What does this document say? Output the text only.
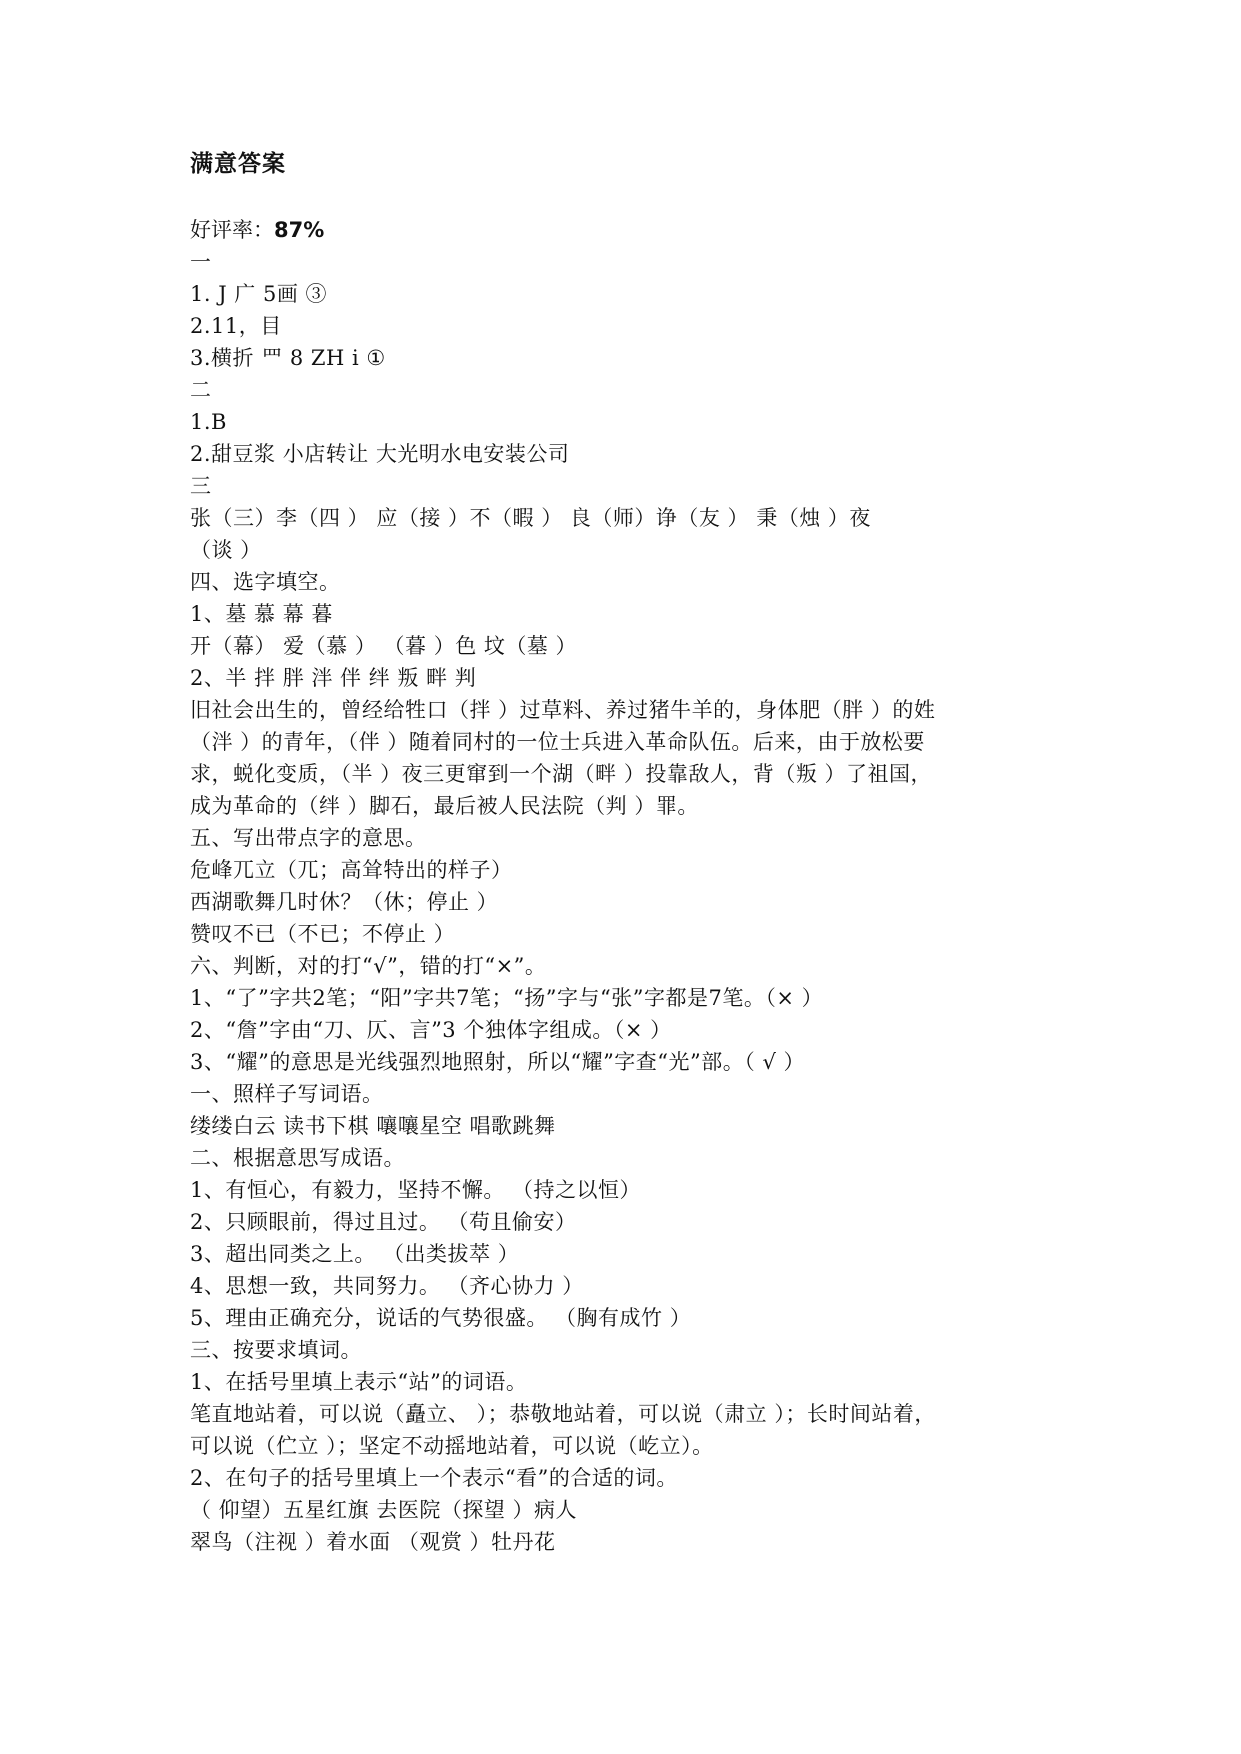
满意答案
好评率：87%
一
1. J 广 5画 ③
2.11，目
3.横折 罒 8 ZH i ①
二
1.B
2.甜豆浆 小店转让 大光明水电安装公司
三
张（三）李（四 ） 应（接 ）不（暇 ） 良（师）诤（友 ） 秉（烛 ）夜
（谈 ）
四、选字填空。
1、墓 慕 幕 暮
开（幕） 爱（慕 ） （暮 ）色 坟（墓 ）
2、半 拌 胖 泮 伴 绊 叛 畔 判
旧社会出生的，曾经给牲口（拌 ）过草料、养过猪牛羊的，身体肥（胖 ）的姓
（泮 ）的青年，（伴 ）随着同村的一位士兵进入革命队伍。后来，由于放松要
求，蜕化变质，（半 ）夜三更窜到一个湖（畔 ）投靠敌人，背（叛 ）了祖国，
成为革命的（绊 ）脚石，最后被人民法院（判 ）罪。
五、写出带点字的意思。
危峰兀立（兀；高耸特出的样子）
西湖歌舞几时休？（休；停止 ）
赞叹不已（不已；不停止 ）
六、判断，对的打“√”，错的打“×”。
1、“了”字共2笔；“阳”字共7笔；“扬”字与“张”字都是7笔。（× ）
2、“詹”字由“刀、仄、言”3 个独体字组成。（× ）
3、“耀”的意思是光线强烈地照射，所以“耀”字查“光”部。（ √ ）
一、照样子写词语。
缕缕白云 读书下棋 嚷嚷星空 唱歌跳舞
二、根据意思写成语。
1、有恒心，有毅力，坚持不懈。 （持之以恒）
2、只顾眼前，得过且过。 （苟且偷安）
3、超出同类之上。 （出类拔萃 ）
4、思想一致，共同努力。 （齐心协力 ）
5、理由正确充分，说话的气势很盛。 （胸有成竹 ）
三、按要求填词。
1、在括号里填上表示“站”的词语。
笔直地站着，可以说（矗立、 ）；恭敬地站着，可以说（肃立 ）；长时间站着，
可以说（伫立 ）；坚定不动摇地站着，可以说（屹立）。
2、在句子的括号里填上一个表示“看”的合适的词。
（ 仰望）五星红旗 去医院（探望 ）病人
翠鸟（注视 ）着水面 （观赏 ）牡丹花
